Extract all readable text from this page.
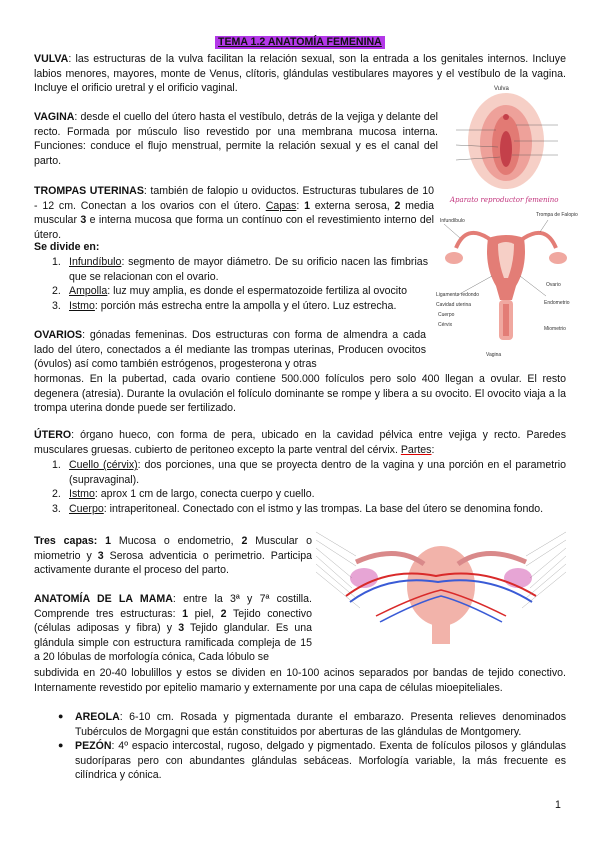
TEMA 1.2 ANATOMÍA FEMENINA
VULVA: las estructuras de la vulva facilitan la relación sexual, son la entrada a los genitales internos. Incluye labios menores, mayores, monte de Venus, clítoris, glándulas vestibulares mayores y el vestíbulo de la vagina. Incluye el orificio uretral y el orificio vaginal.
VAGINA: desde el cuello del útero hasta el vestíbulo, detrás de la vejiga y delante del recto. Formada por músculo liso revestido por una membrana mucosa interna. Funciones: conduce el flujo menstrual, permite la relación sexual y es el canal del parto.
Vulva
TROMPAS UTERINAS: también de falopio u oviductos. Estructuras tubulares de 10 - 12 cm. Conectan a los ovarios con el útero. Capas: 1 externa serosa, 2 media muscular 3 e interna mucosa que forma un contínuo con el revestimiento interno del útero.
Se divide en:
1. Infundíbulo: segmento de mayor diámetro. De su orificio nacen las fimbrias que se relacionan con el ovario.
2. Ampolla: luz muy amplia, es donde el espermatozoide fertiliza al ovocito
3. Istmo: porción más estrecha entre la ampolla y el útero. Luz estrecha.
Aparato reproductor femenino
Infundíbulo
Trompa de Falopio
Ligamento redondo
Cavidad uterina
Cuerpo
Cérvix
Endometrio
Miometrio
Vagina
Ovario
OVARIOS: gónadas femeninas. Dos estructuras con forma de almendra a cada lado del útero, conectados a él mediante las trompas uterinas, Producen ovocitos (óvulos) así como también estrógenos, progesterona y otras
hormonas. En la pubertad, cada ovario contiene 500.000 folículos pero solo 400 llegan a ovular. El resto degenera (atresia). Durante la ovulación el folículo dominante se rompe y libera a su ovocito. El ovocito viaja a la trompa uterina donde puede ser fertilizado.
ÚTERO: órgano hueco, con forma de pera, ubicado en la cavidad pélvica entre vejiga y recto. Paredes musculares gruesas. cubierto de peritoneo excepto la parte ventral del cérvix. Partes:
1. Cuello (cérvix): dos porciones, una que se proyecta dentro de la vagina y una porción en el parametrio (supravaginal).
2. Istmo: aprox 1 cm de largo, conecta cuerpo y cuello.
3. Cuerpo: intraperitoneal. Conectado con el istmo y las trompas. La base del útero se denomina fondo.
Tres capas: 1 Mucosa o endometrio, 2 Muscular o miometrio y 3 Serosa adventicia o perimetrio. Participa activamente durante el proceso del parto.
ANATOMÍA DE LA MAMA: entre la 3ª y 7ª costilla. Comprende tres estructuras: 1 piel, 2 Tejido conectivo (células adiposas y fibra) y 3 Tejido glandular. Es una glándula simple con estructura ramificada compleja de 15 a 20 lóbulas de morfología cónica, Cada lóbulo se
subdivida en 20-40 lobulillos y estos se dividen en 10-100 acinos separados por bandas de tejido conectivo. Internamente revestido por epitelio mamario y externamente por una capa de células mioepiteliales.
●	AREOLA: 6-10 cm. Rosada y pigmentada durante el embarazo. Presenta relieves denominados Tubérculos de Morgagni que están constituidos por aberturas de las glándulas de Montgomery.
●	PEZÓN: 4º espacio intercostal, rugoso, delgado y pigmentado. Exenta de folículos pilosos y glándulas sudoríparas pero con abundantes glándulas sebáceas. Morfología variable, la más frecuente es cilíndrica y cónica.
1
